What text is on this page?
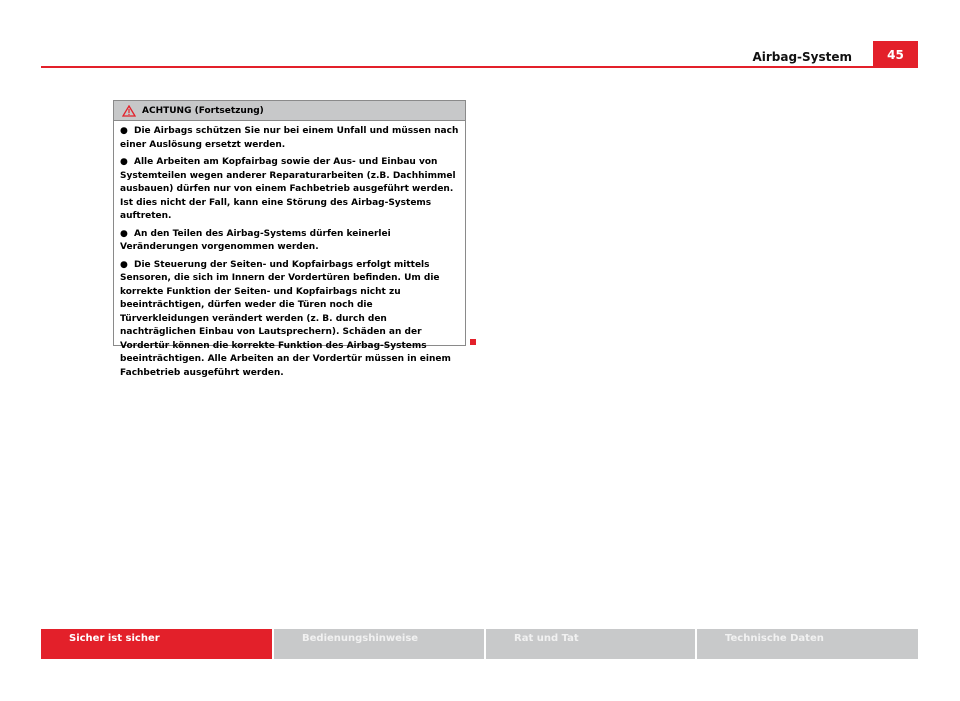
Airbag-System	45
ACHTUNG (Fortsetzung)

● Die Airbags schützen Sie nur bei einem Unfall und müssen nach einer Auslösung ersetzt werden.

● Alle Arbeiten am Kopfairbag sowie der Aus- und Einbau von Systemteilen wegen anderer Reparaturarbeiten (z.B. Dachhimmel ausbauen) dürfen nur von einem Fachbetrieb ausgeführt werden. Ist dies nicht der Fall, kann eine Störung des Airbag-Systems auftreten.

● An den Teilen des Airbag-Systems dürfen keinerlei Veränderungen vorgenommen werden.

● Die Steuerung der Seiten- und Kopfairbags erfolgt mittels Sensoren, die sich im Innern der Vordertüren befinden. Um die korrekte Funktion der Seiten- und Kopfairbags nicht zu beeinträchtigen, dürfen weder die Türen noch die Türverkleidungen verändert werden (z. B. durch den nachträglichen Einbau von Lautsprechern). Schäden an der Vordertür können die korrekte Funktion des Airbag-Systems beeinträchtigen. Alle Arbeiten an der Vordertür müssen in einem Fachbetrieb ausgeführt werden.

Sicher ist sicher	Bedienungshinweise	Rat und Tat	Technische Daten
